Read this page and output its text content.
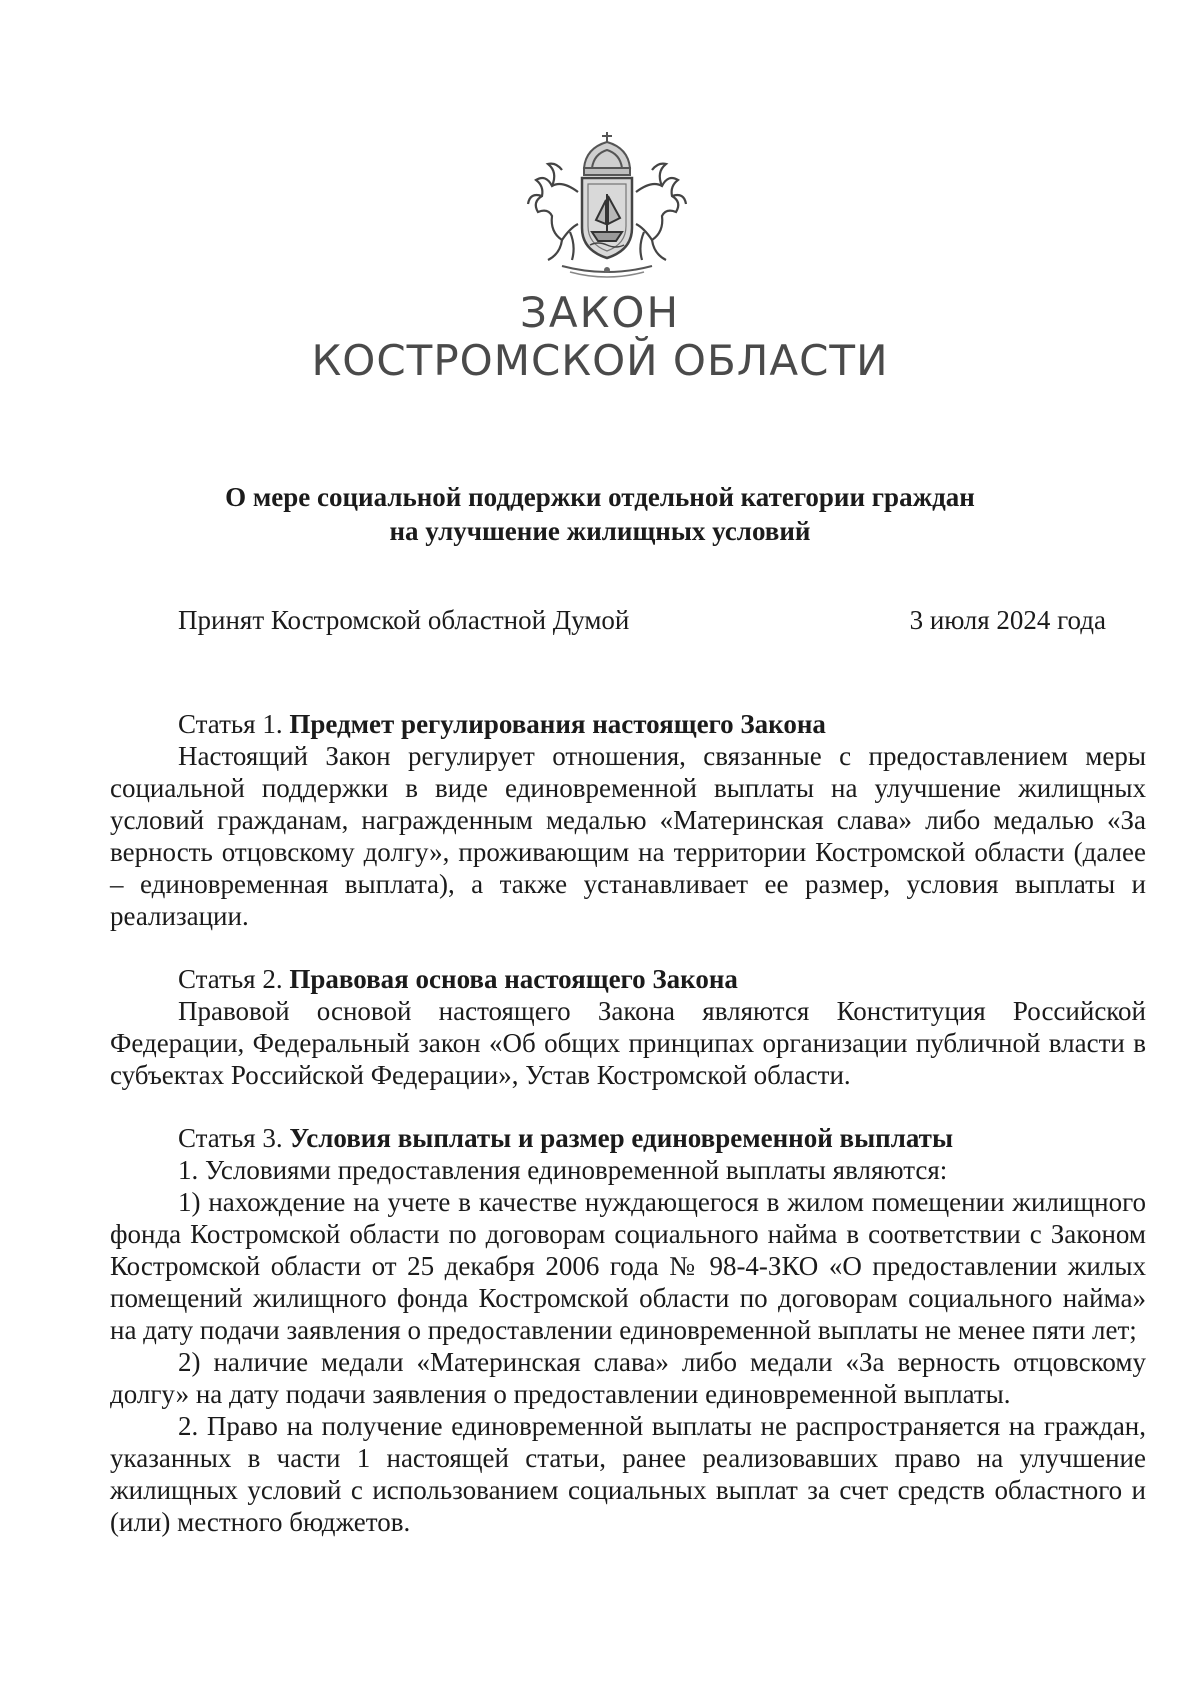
ЗАКОН
КОСТРОМСКОЙ ОБЛАСТИ
О мере социальной поддержки отдельной категории граждан
на улучшение жилищных условий
Принят Костромской областной Думой	3 июля 2024 года

Статья 1. Предмет регулирования настоящего Закона

Настоящий Закон регулирует отношения, связанные с предоставлением меры социальной поддержки в виде единовременной выплаты на улучшение жилищных условий гражданам, награжденным медалью «Материнская слава» либо медалью «За верность отцовскому долгу», проживающим на территории Костромской области (далее – единовременная выплата), а также устанавливает ее размер, условия выплаты и реализации.

Статья 2. Правовая основа настоящего Закона

Правовой основой настоящего Закона являются Конституция Российской Федерации, Федеральный закон «Об общих принципах организации публичной власти в субъектах Российской Федерации», Устав Костромской области.

Статья 3. Условия выплаты и размер единовременной выплаты

1. Условиями предоставления единовременной выплаты являются:

1) нахождение на учете в качестве нуждающегося в жилом помещении жилищного фонда Костромской области по договорам социального найма в соответствии с Законом Костромской области от 25 декабря 2006 года № 98-4-ЗКО «О предоставлении жилых помещений жилищного фонда Костромской области по договорам социального найма» на дату подачи заявления о предоставлении единовременной выплаты не менее пяти лет;

2) наличие медали «Материнская слава» либо медали «За верность отцовскому долгу» на дату подачи заявления о предоставлении единовременной выплаты.

2. Право на получение единовременной выплаты не распространяется на граждан, указанных в части 1 настоящей статьи, ранее реализовавших право на улучшение жилищных условий с использованием социальных выплат за счет средств областного и (или) местного бюджетов.
